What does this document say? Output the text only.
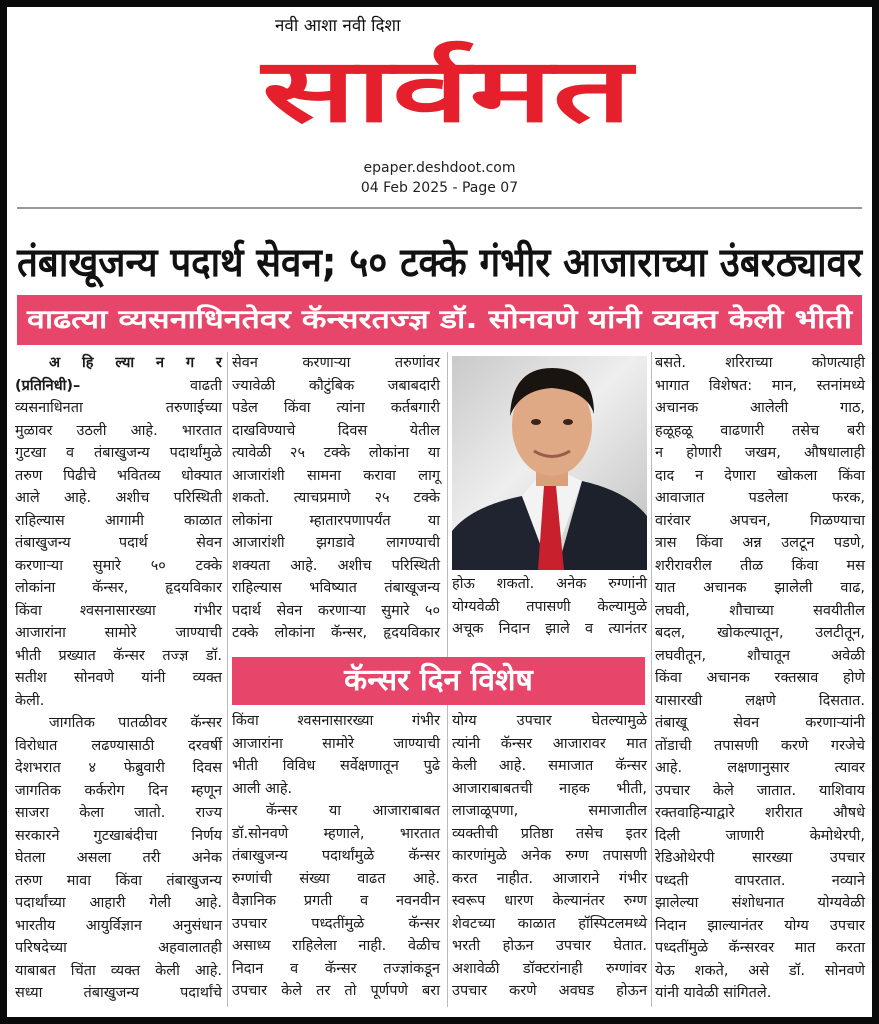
नवी आशा नवी दिशा
सार्वमत
epaper.deshdoot.com
04 Feb 2025 - Page 07
तंबाखूजन्य पदार्थ सेवन; ५० टक्के गंभीर आजाराच्या उंबरठ्यावर
वाढत्या व्यसनाधिनतेवर कॅन्सरतज्ज्ञ डॉ. सोनवणे यांनी व्यक्त केली भीती
अ हि ल्या न ग र
(प्रतिनिधी)– वाढती
व्यसनाधिनता तरुणाईच्या
मुळावर उठली आहे. भारतात
गुटखा व तंबाखुजन्य पदार्थांमुळे
तरुण पिढीचे भवितव्य धोक्यात
आले आहे. अशीच परिस्थिती
राहिल्यास आगामी काळात
तंबाखुजन्य पदार्थ सेवन
करणाऱ्या सुमारे ५० टक्के
लोकांना कॅन्सर, हृदयविकार
किंवा श्वसनासारख्या गंभीर
आजारांना सामोरे जाण्याची
भीती प्रख्यात कॅन्सर तज्ज्ञ डॉ.
सतीश सोनवणे यांनी व्यक्त
केली.
जागतिक पातळीवर कॅन्सर
विरोधात लढण्यासाठी दरवर्षी
देशभरात ४ फेब्रुवारी दिवस
जागतिक कर्करोग दिन म्हणून
साजरा केला जातो. राज्य
सरकारने गुटखाबंदीचा निर्णय
घेतला असला तरी अनेक
तरुण मावा किंवा तंबाखुजन्य
पदार्थांच्या आहारी गेली आहे.
भारतीय आयुर्विज्ञान अनुसंधान
परिषदेच्या अहवालातही
याबाबत चिंता व्यक्त केली आहे.
सध्या तंबाखुजन्य पदार्थांचे
सेवन करणाऱ्या तरुणांवर
ज्यावेळी कौटुंबिक जबाबदारी
पडेल किंवा त्यांना कर्तबगारी
दाखविण्याचे दिवस येतील
त्यावेळी २५ टक्के लोकांना या
आजारांशी सामना करावा लागू
शकतो. त्याचप्रमाणे २५ टक्के
लोकांना म्हातारपणापर्यंत या
आजारांशी झगडावे लागण्याची
शक्यता आहे. अशीच परिस्थिती
राहिल्यास भविष्यात तंबाखूजन्य
पदार्थ सेवन करणाऱ्या सुमारे ५०
टक्के लोकांना कॅन्सर, हृदयविकार
होऊ शकतो. अनेक रुग्णांनी
योग्यवेळी तपासणी केल्यामुळे
अचूक निदान झाले व त्यानंतर
किंवा श्वसनासारख्या गंभीर
आजारांना सामोरे जाण्याची
भीती विविध सर्वेक्षणातून पुढे
आली आहे.
कॅन्सर या आजाराबाबत
डॉ.सोनवणे म्हणाले, भारतात
तंबाखुजन्य पदार्थांमुळे कॅन्सर
रुग्णांची संख्या वाढत आहे.
वैज्ञानिक प्रगती व नवनवीन
उपचार पध्दतींमुळे कॅन्सर
असाध्य राहिलेला नाही. वेळीच
निदान व कॅन्सर तज्ज्ञांकडून
उपचार केले तर तो पूर्णपणे बरा
योग्य उपचार घेतल्यामुळे
त्यांनी कॅन्सर आजारावर मात
केली आहे. समाजात कॅन्सर
आजाराबाबतची नाहक भीती,
लाजाळूपणा, समाजातील
व्यक्तीची प्रतिष्ठा तसेच इतर
कारणांमुळे अनेक रुग्ण तपासणी
करत नाहीत. आजाराने गंभीर
स्वरूप धारण केल्यानंतर रुग्ण
शेवटच्या काळात हॉस्पिटलमध्ये
भरती होऊन उपचार घेतात.
अशावेळी डॉक्टरांनाही रुग्णांवर
उपचार करणे अवघड होऊन
बसते. शरिराच्या कोणत्याही
भागात विशेषत: मान, स्तनांमध्ये
अचानक आलेली गाठ,
हळूहळू वाढणारी तसेच बरी
न होणारी जखम, औषधालाही
दाद न देणारा खोकला किंवा
आवाजात पडलेला फरक,
वारंवार अपचन, गिळण्याचा
त्रास किंवा अन्न उलटून पडणे,
शरीरावरील तीळ किंवा मस
यात अचानक झालेली वाढ,
लघवी, शौचाच्या सवयीतील
बदल, खोकल्यातून, उलटीतून,
लघवीतून, शौचातून अवेळी
किंवा अचानक रक्तस्राव होणे
यासारखी लक्षणे दिसतात.
तंबाखू सेवन करणाऱ्यांनी
तोंडाची तपासणी करणे गरजेचे
आहे. लक्षणानुसार त्यावर
उपचार केले जातात. याशिवाय
रक्तवाहिन्याद्वारे शरीरात औषधे
दिली जाणारी केमोथेरपी,
रेडिओथेरपी सारख्या उपचार
पध्दती वापरतात. नव्याने
झालेल्या संशोधनात योग्यवेळी
निदान झाल्यानंतर योग्य उपचार
पध्दतींमुळे कॅन्सरवर मात करता
येऊ शकते, असे डॉ. सोनवणे
यांनी यावेळी सांगितले.
कॅन्सर दिन विशेष
